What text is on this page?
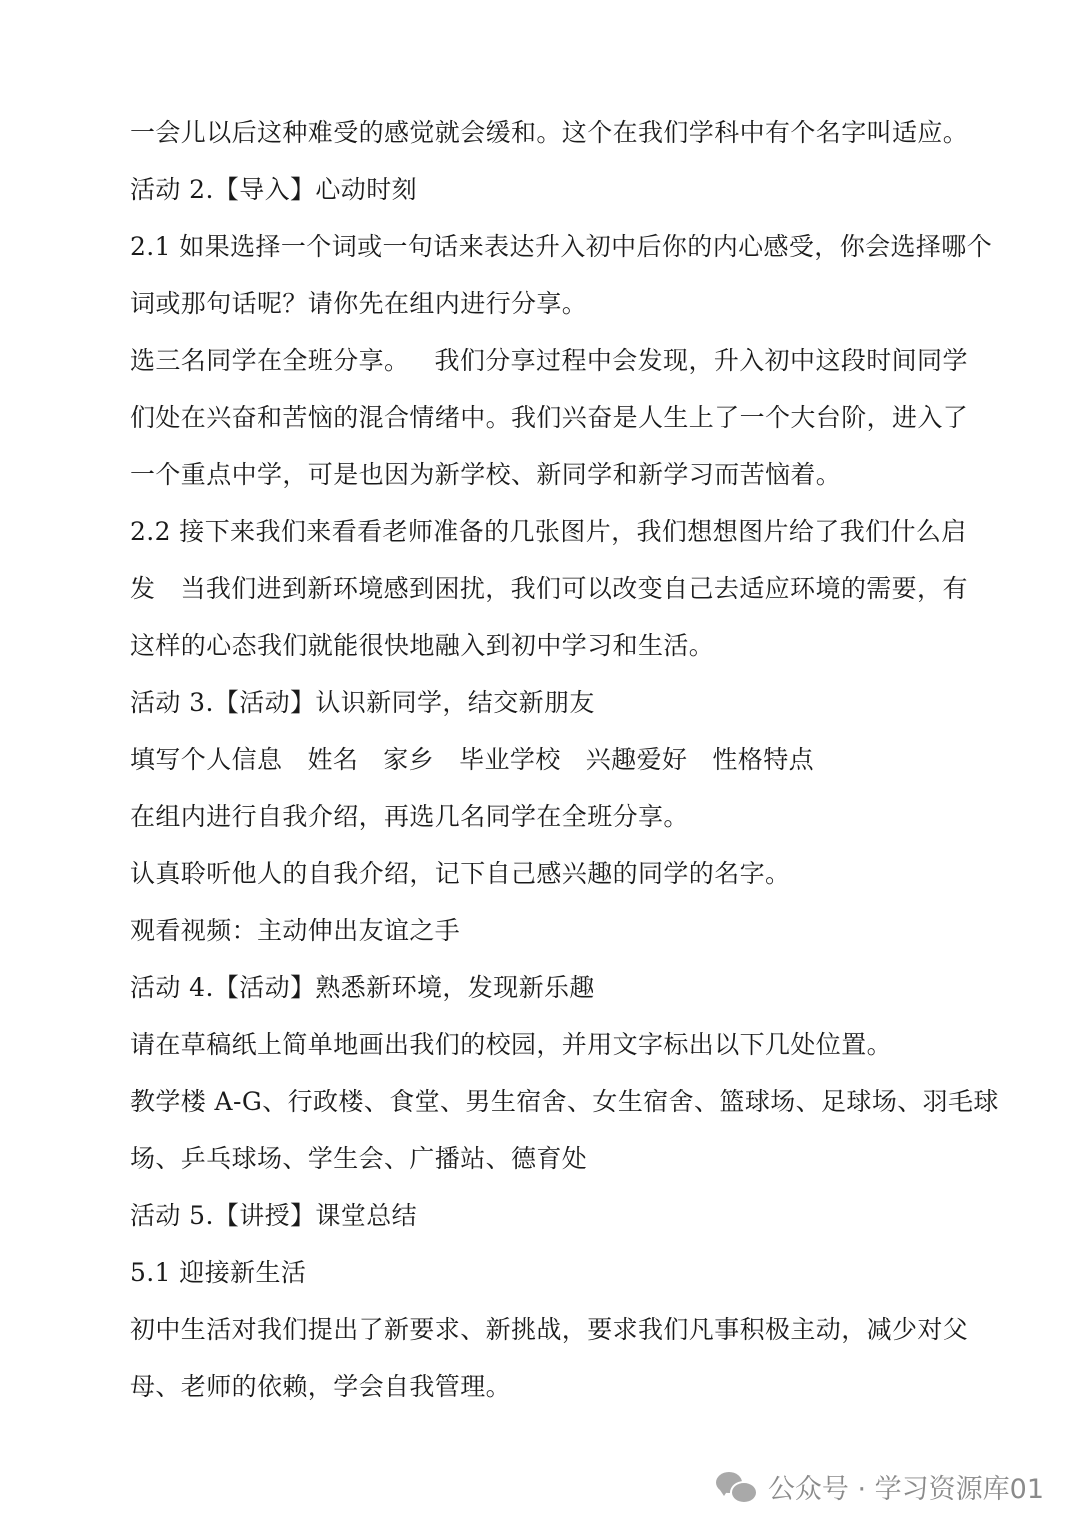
一会儿以后这种难受的感觉就会缓和。这个在我们学科中有个名字叫适应。
活动 2.【导入】心动时刻
2.1 如果选择一个词或一句话来表达升入初中后你的内心感受，你会选择哪个
词或那句话呢？请你先在组内进行分享。
选三名同学在全班分享。   我们分享过程中会发现，升入初中这段时间同学
们处在兴奋和苦恼的混合情绪中。我们兴奋是人生上了一个大台阶，进入了
一个重点中学，可是也因为新学校、新同学和新学习而苦恼着。
2.2 接下来我们来看看老师准备的几张图片，我们想想图片给了我们什么启
发   当我们进到新环境感到困扰，我们可以改变自己去适应环境的需要，有
这样的心态我们就能很快地融入到初中学习和生活。
活动 3.【活动】认识新同学，结交新朋友
填写个人信息   姓名   家乡   毕业学校   兴趣爱好   性格特点
在组内进行自我介绍，再选几名同学在全班分享。
认真聆听他人的自我介绍，记下自己感兴趣的同学的名字。
观看视频：主动伸出友谊之手
活动 4.【活动】熟悉新环境，发现新乐趣
请在草稿纸上简单地画出我们的校园，并用文字标出以下几处位置。
教学楼 A-G、行政楼、食堂、男生宿舍、女生宿舍、篮球场、足球场、羽毛球
场、乒乓球场、学生会、广播站、德育处
活动 5.【讲授】课堂总结
5.1 迎接新生活
初中生活对我们提出了新要求、新挑战，要求我们凡事积极主动，减少对父
母、老师的依赖，学会自我管理。
公众号 · 学习资源库01
